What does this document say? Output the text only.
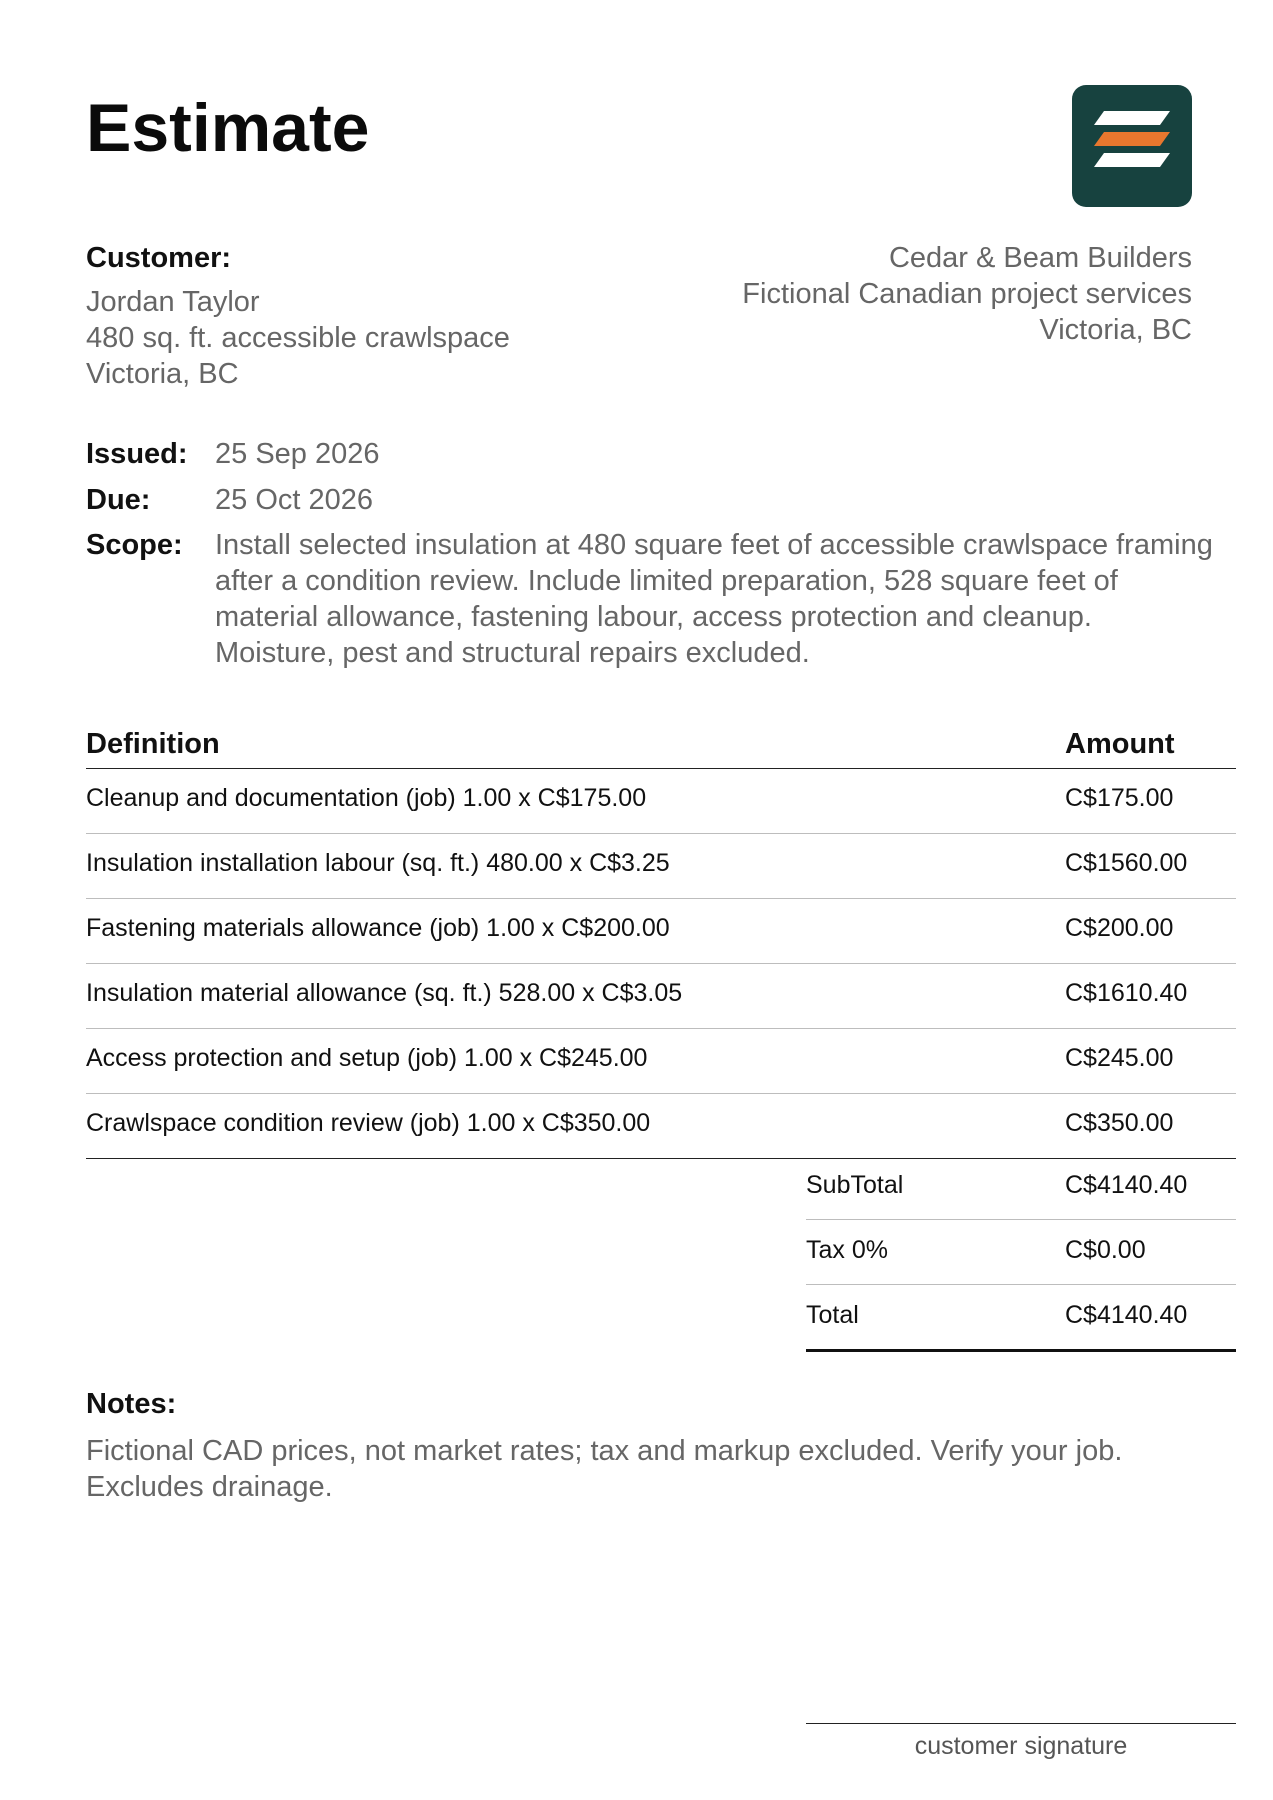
Estimate
Customer:
Jordan Taylor
480 sq. ft. accessible crawlspace
Victoria, BC
Cedar & Beam Builders
Fictional Canadian project services
Victoria, BC
Issued: 25 Sep 2026
Due: 25 Oct 2026
Scope: Install selected insulation at 480 square feet of accessible crawlspace framing after a condition review. Include limited preparation, 528 square feet of material allowance, fastening labour, access protection and cleanup. Moisture, pest and structural repairs excluded.
Definition	Amount
Cleanup and documentation (job) 1.00 x C$175.00	C$175.00
Insulation installation labour (sq. ft.) 480.00 x C$3.25	C$1560.00
Fastening materials allowance (job) 1.00 x C$200.00	C$200.00
Insulation material allowance (sq. ft.) 528.00 x C$3.05	C$1610.40
Access protection and setup (job) 1.00 x C$245.00	C$245.00
Crawlspace condition review (job) 1.00 x C$350.00	C$350.00
SubTotal	C$4140.40
Tax 0%	C$0.00
Total	C$4140.40
Notes:
Fictional CAD prices, not market rates; tax and markup excluded. Verify your job. Excludes drainage.
customer signature
